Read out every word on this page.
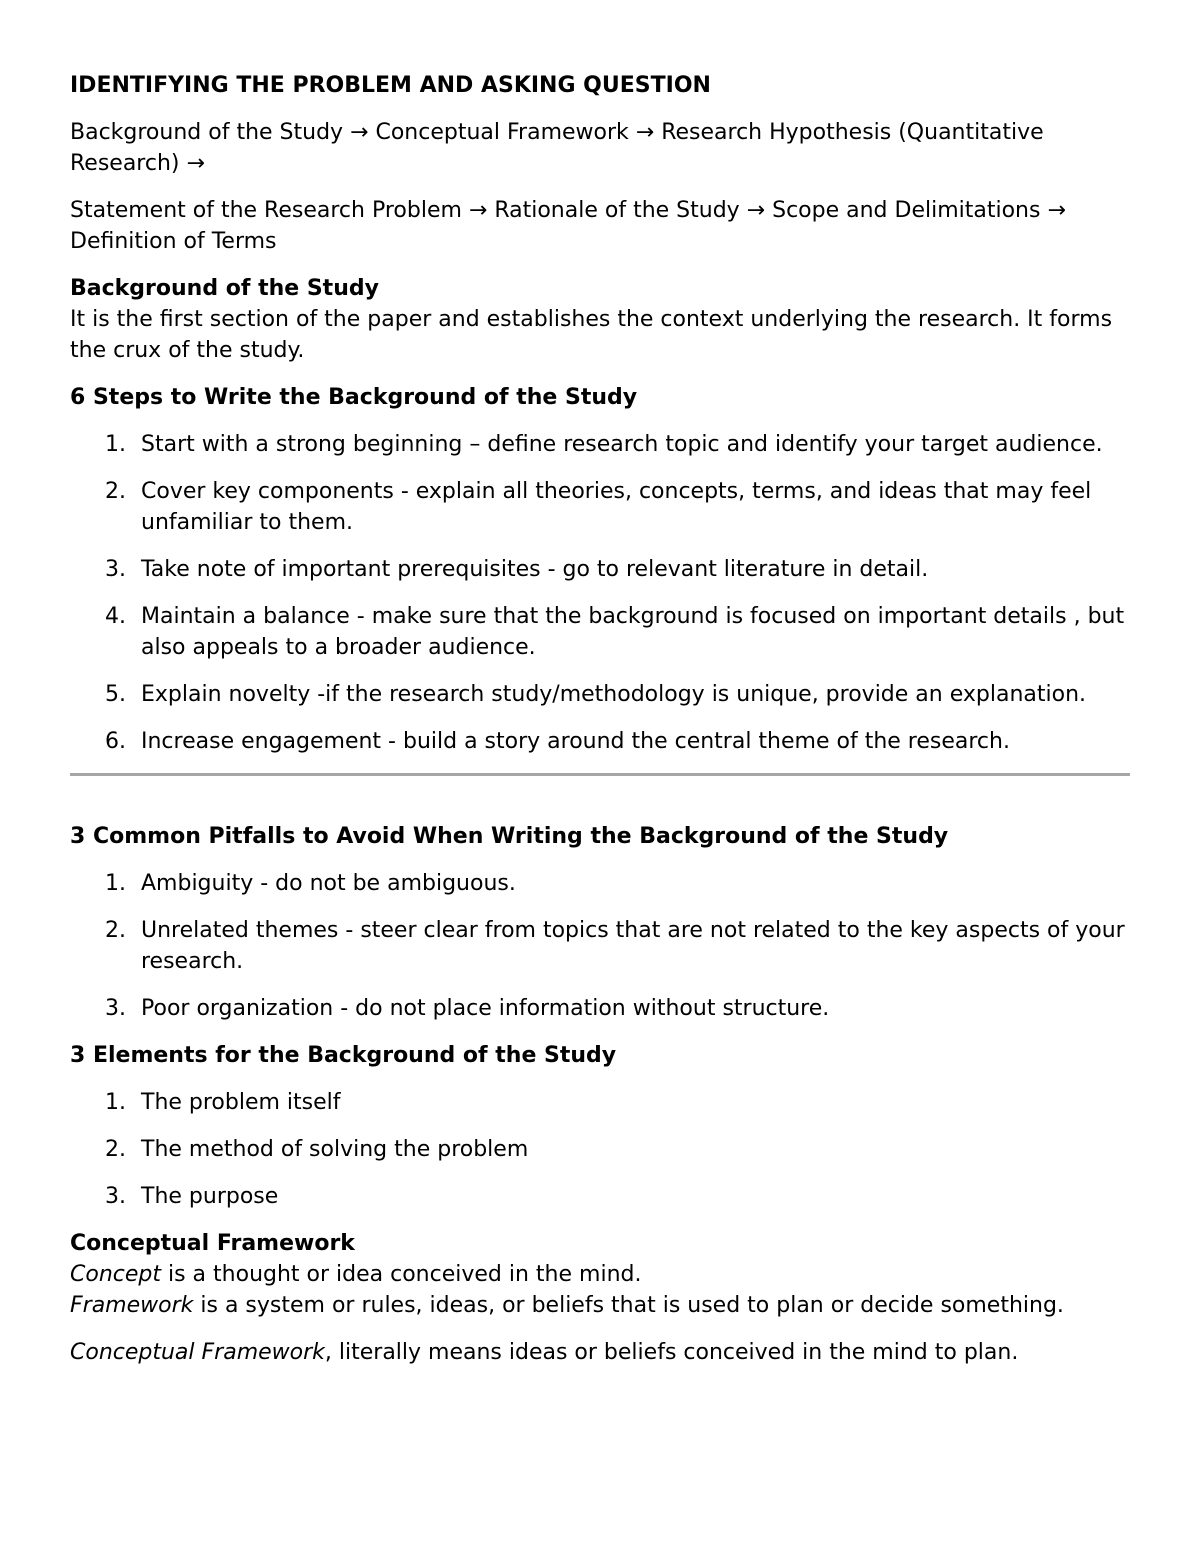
IDENTIFYING THE PROBLEM AND ASKING QUESTION

Background of the Study → Conceptual Framework → Research Hypothesis (Quantitative Research) →

Statement of the Research Problem → Rationale of the Study → Scope and Delimitations → Definition of Terms

Background of the Study

It is the first section of the paper and establishes the context underlying the research. It forms the crux of the study.

6 Steps to Write the Background of the Study
1. Start with a strong beginning – define research topic and identify your target audience.
2. Cover key components - explain all theories, concepts, terms, and ideas that may feel unfamiliar to them.
3. Take note of important prerequisites - go to relevant literature in detail.
4. Maintain a balance - make sure that the background is focused on important details , but also appeals to a broader audience.
5. Explain novelty -if the research study/methodology is unique, provide an explanation.
6. Increase engagement - build a story around the central theme of the research.
3 Common Pitfalls to Avoid When Writing the Background of the Study
1. Ambiguity - do not be ambiguous.
2. Unrelated themes - steer clear from topics that are not related to the key aspects of your research.
3. Poor organization - do not place information without structure.
3 Elements for the Background of the Study
1. The problem itself
2. The method of solving the problem
3. The purpose
Conceptual Framework

Concept is a thought or idea conceived in the mind.

Framework is a system or rules, ideas, or beliefs that is used to plan or decide something.

Conceptual Framework, literally means ideas or beliefs conceived in the mind to plan.
